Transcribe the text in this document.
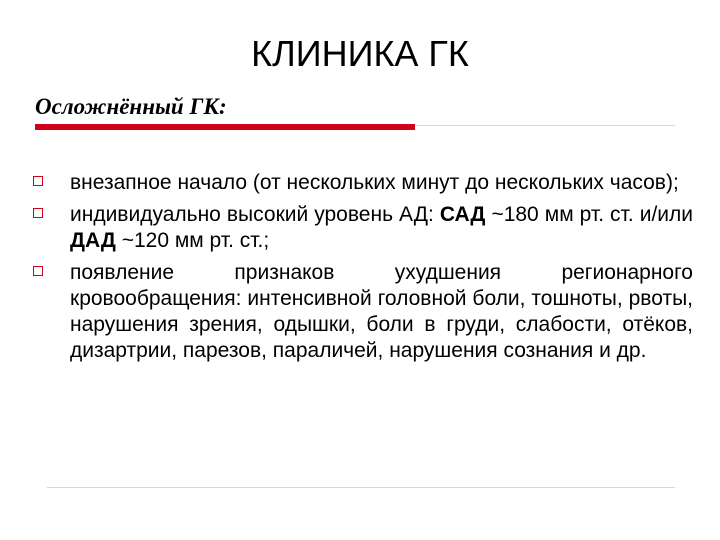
КЛИНИКА ГК
Осложнённый ГК:
внезапное начало (от нескольких минут до нескольких часов);
индивидуально высокий уровень АД: САД ~180 мм рт. ст. и/или ДАД ~120 мм рт. ст.;
появление признаков ухудшения регионарного кровообращения: интенсивной головной боли, тошноты, рвоты, нарушения зрения, одышки, боли в груди, слабости, отёков, дизартрии, парезов, параличей, нарушения сознания и др.
